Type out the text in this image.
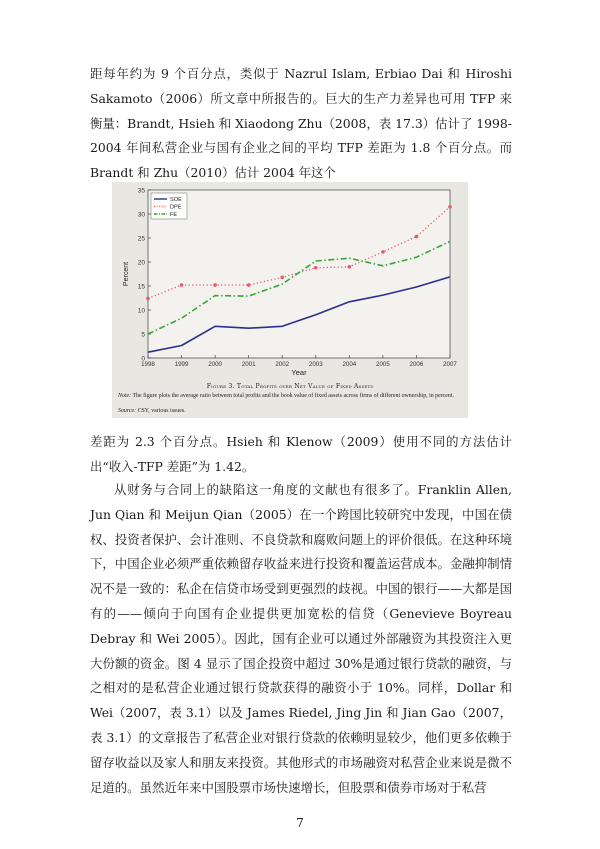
距每年约为 9 个百分点，类似于 Nazrul Islam, Erbiao Dai 和 Hiroshi Sakamoto（2006）所文章中所报告的。巨大的生产力差异也可用 TFP 来衡量：Brandt, Hsieh 和 Xiaodong Zhu（2008，表 17.3）估计了 1998-2004 年间私营企业与国有企业之间的平均 TFP 差距为 1.8 个百分点。而 Brandt 和 Zhu（2010）估计 2004 年这个

0
5
10
15
20
25
30
35
1998	1999	2000	2001	2002	2003	2004	2005	2006	2007
Year
Percent
SOE
DPE
FE

Figure 3. Total Profits over Net Value of Fixed Assets

Note: The figure plots the average ratio between total profits and the book value of fixed assets across firms of different ownership, in percent.

Source: CSY, various issues.

差距为 2.3 个百分点。Hsieh 和 Klenow（2009）使用不同的方法估计出“收入-TFP 差距”为 1.42。

从财务与合同上的缺陷这一角度的文献也有很多了。Franklin Allen, Jun Qian 和 Meijun Qian（2005）在一个跨国比较研究中发现，中国在债权、投资者保护、会计准则、不良贷款和腐败问题上的评价很低。在这种环境下，中国企业必须严重依赖留存收益来进行投资和覆盖运营成本。金融抑制情况不是一致的：私企在信贷市场受到更强烈的歧视。中国的银行——大都是国有的——倾向于向国有企业提供更加宽松的信贷（Genevieve Boyreau Debray 和 Wei 2005）。因此，国有企业可以通过外部融资为其投资注入更大份额的资金。图 4 显示了国企投资中超过 30%是通过银行贷款的融资，与之相对的是私营企业通过银行贷款获得的融资小于 10%。同样，Dollar 和 Wei（2007，表 3.1）以及 James Riedel, Jing Jin 和 Jian Gao（2007，表 3.1）的文章报告了私营企业对银行贷款的依赖明显较少，他们更多依赖于留存收益以及家人和朋友来投资。其他形式的市场融资对私营企业来说是微不足道的。虽然近年来中国股票市场快速增长，但股票和债券市场对于私营

7
